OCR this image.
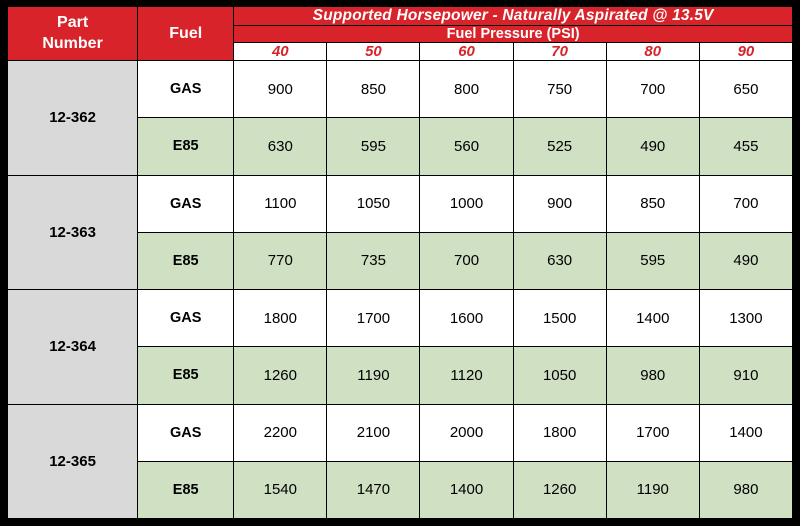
Part
Number	Fuel	Supported Horsepower - Naturally Aspirated @ 13.5V					
		Fuel Pressure (PSI)					
		40	50	60	70	80	90
12-362	GAS	900	850	800	750	700	650
	E85	630	595	560	525	490	455
12-363	GAS	1100	1050	1000	900	850	700
	E85	770	735	700	630	595	490
12-364	GAS	1800	1700	1600	1500	1400	1300
	E85	1260	1190	1120	1050	980	910
12-365	GAS	2200	2100	2000	1800	1700	1400
	E85	1540	1470	1400	1260	1190	980
